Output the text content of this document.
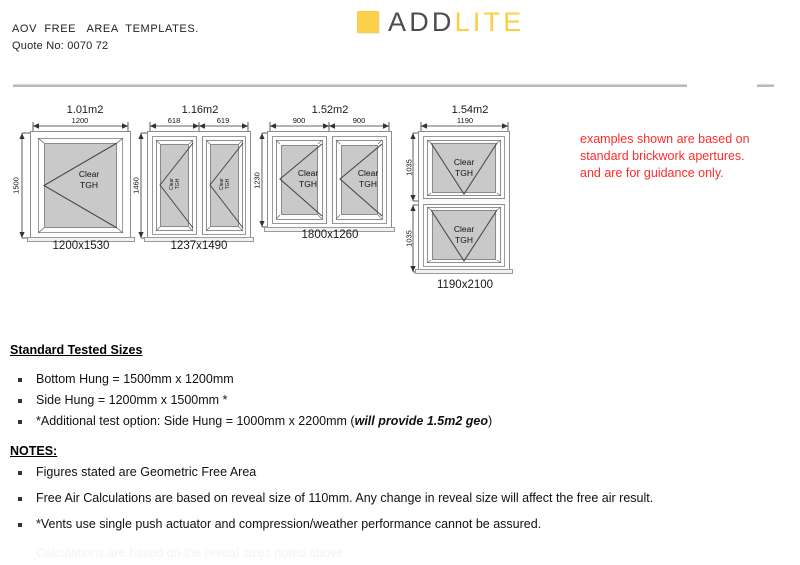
AOV  FREE   AREA  TEMPLATES.
Quote No: 0070 72
ADDLITE
examples shown are based on
standard brickwork apertures.
and are for guidance only.
1.01m2
1200
1500
Clear
TGH
1200x1530
1.16m2
618	619
1460	Clear
TGH	Clear
TGH
1237x1490
1.52m2
900	900
1230	Clear
TGH
Clear
TGH
1800x1260
1.54m2
1190
1035
1035
Clear
TGH
Clear
TGH
1190x2100
Standard Tested Sizes
Bottom Hung = 1500mm x 1200mm
Side Hung = 1200mm x 1500mm *
*Additional test option: Side Hung = 1000mm x 2200mm (will provide 1.5m2 geo)
NOTES:
Figures stated are Geometric Free Area
Free Air Calculations are based on reveal size of 110mm. Any change in reveal size will affect the free air result.
*Vents use single push actuator and compression/weather performance cannot be assured.
Calculations are based on the reveal sizes noted above
